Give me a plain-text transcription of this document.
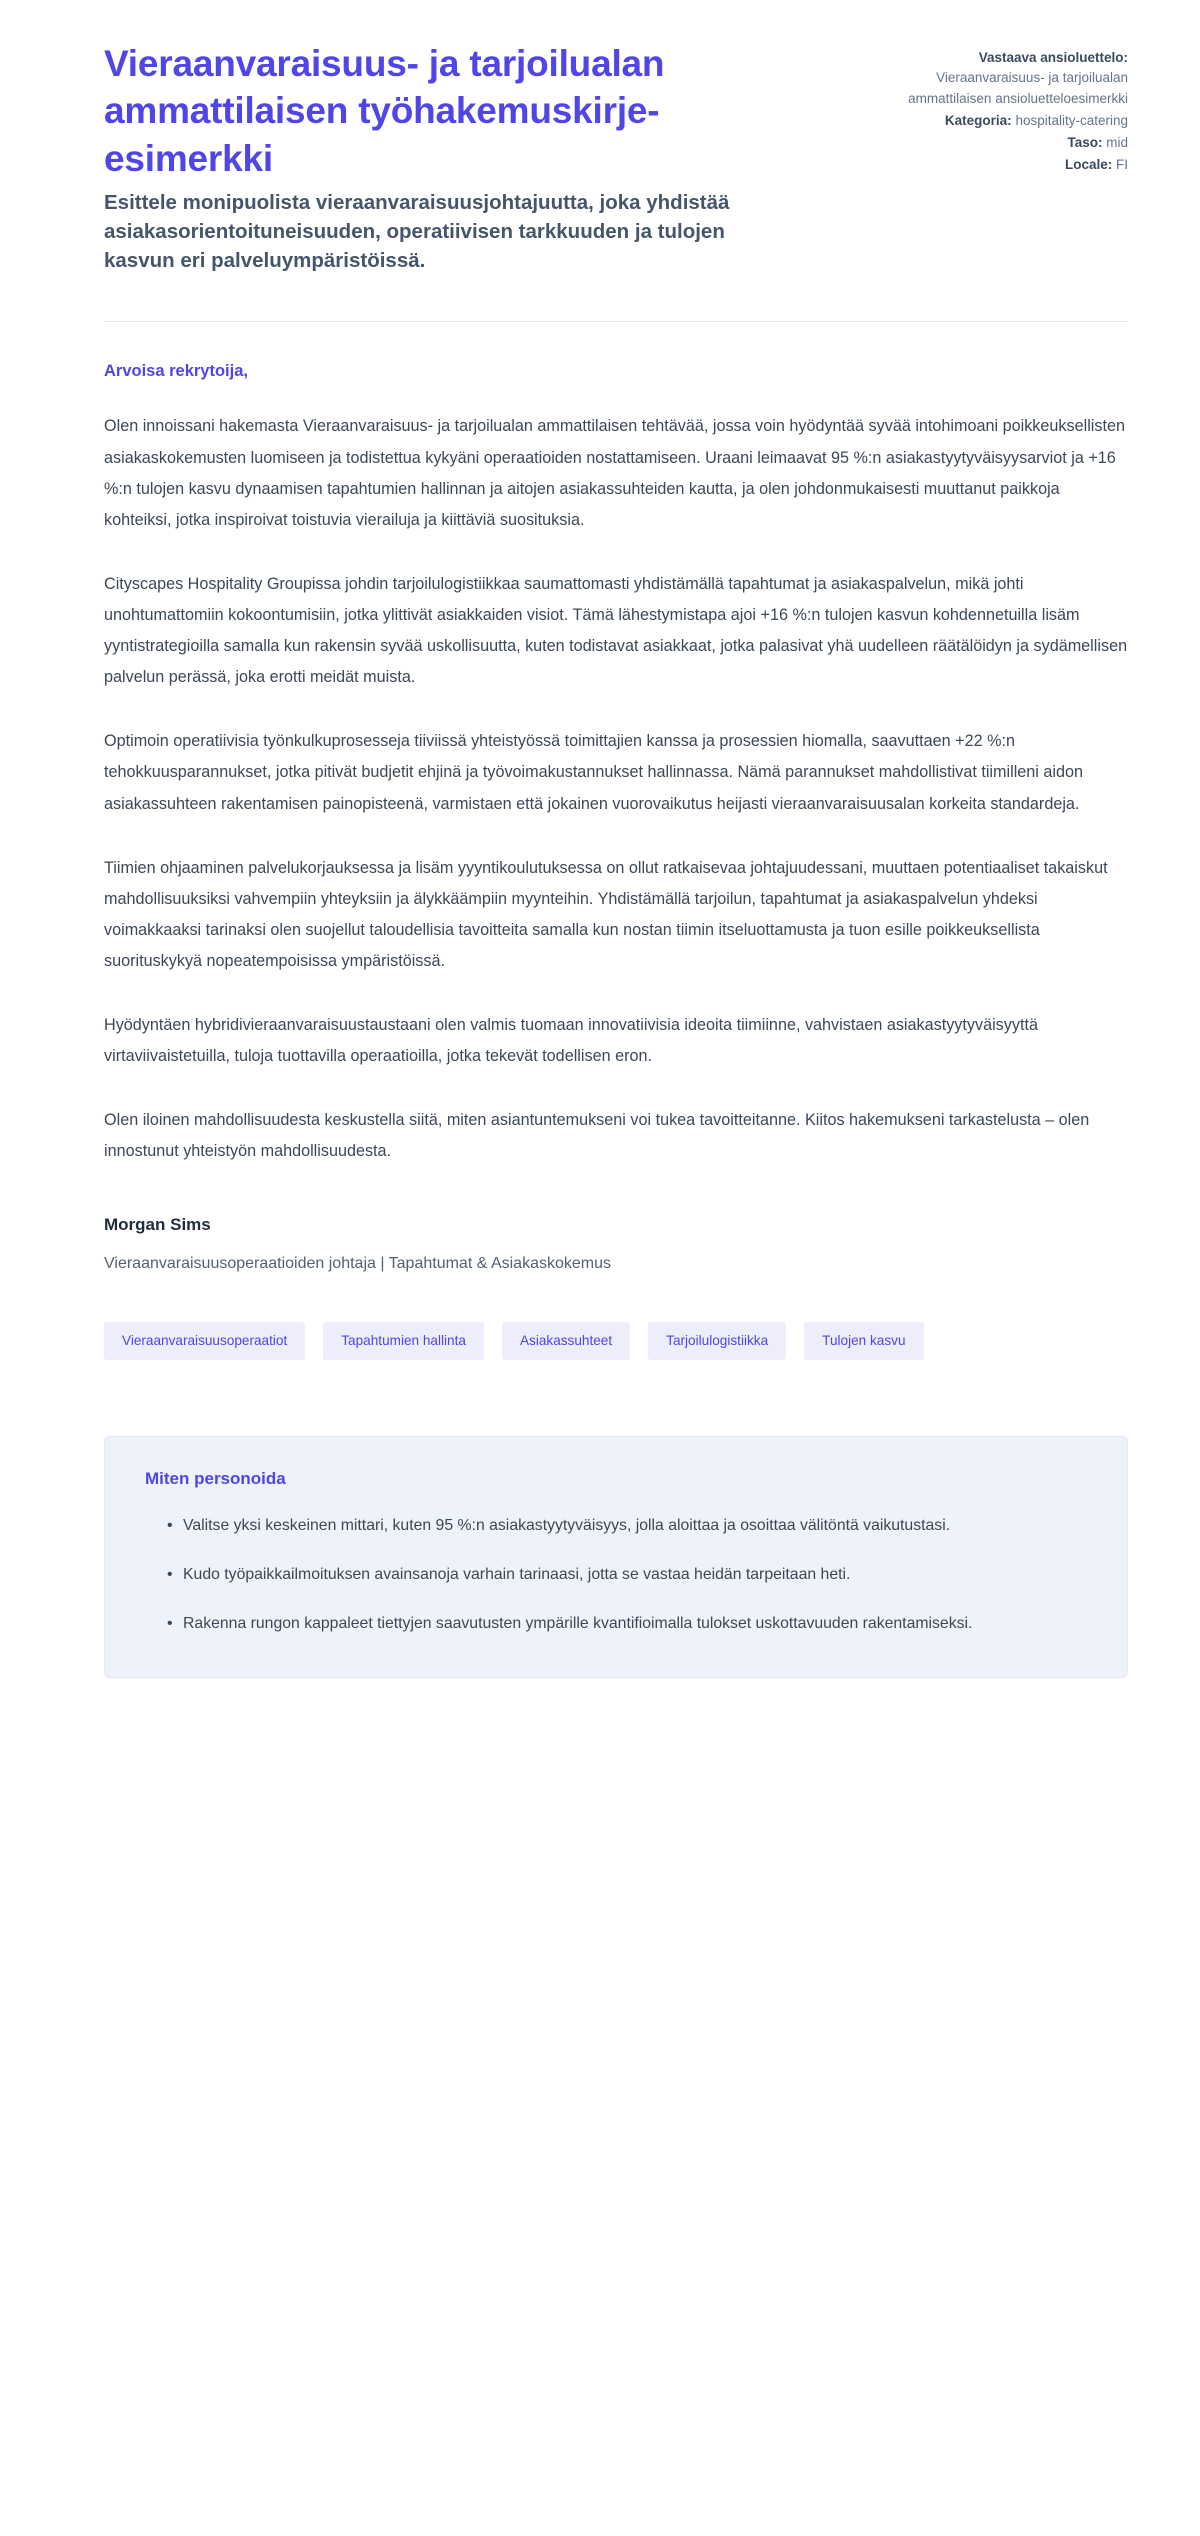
Vieraanvaraisuus- ja tarjoilualan ammattilaisen työhakemuskirje-esimerkki

Esittele monipuolista vieraanvaraisuusjohtajuutta, joka yhdistää asiakasorientoituneisuuden, operatiivisen tarkkuuden ja tulojen kasvun eri palveluympäristöissä.

Vastaava ansioluettelo: Vieraanvaraisuus- ja tarjoilualan ammattilaisen ansioluetteloesimerkki
Kategoria: hospitality-catering
Taso: mid
Locale: FI

Arvoisa rekrytoija,

Olen innoissani hakemasta Vieraanvaraisuus- ja tarjoilualan ammattilaisen tehtävää, jossa voin hyödyntää syvää intohimoani poikkeuksellisten asiakaskokemusten luomiseen ja todistettua kykyäni operaatioiden nostattamiseen. Uraani leimaavat 95 %:n asiakastyytyväisyysarviot ja +16 %:n tulojen kasvu dynaamisen tapahtumien hallinnan ja aitojen asiakassuhteiden kautta, ja olen johdonmukaisesti muuttanut paikkoja kohteiksi, jotka inspiroivat toistuvia vierailuja ja kiittäviä suosituksia.

Cityscapes Hospitality Groupissa johdin tarjoilulogistiikkaa saumattomasti yhdistämällä tapahtumat ja asiakaspalvelun, mikä johti unohtumattomiin kokoontumisiin, jotka ylittivät asiakkaiden visiot. Tämä lähestymistapa ajoi +16 %:n tulojen kasvun kohdennetuilla lisäm yyntistrategioilla samalla kun rakensin syvää uskollisuutta, kuten todistavat asiakkaat, jotka palasivat yhä uudelleen räätälöidyn ja sydämellisen palvelun perässä, joka erotti meidät muista.

Optimoin operatiivisia työnkulkuprosesseja tiiviissä yhteistyössä toimittajien kanssa ja prosessien hiomalla, saavuttaen +22 %:n tehokkuusparannukset, jotka pitivät budjetit ehjinä ja työvoimakustannukset hallinnassa. Nämä parannukset mahdollistivat tiimilleni aidon asiakassuhteen rakentamisen painopisteenä, varmistaen että jokainen vuorovaikutus heijasti vieraanvaraisuusalan korkeita standardeja.

Tiimien ohjaaminen palvelukorjauksessa ja lisäm yyyntikoulutuksessa on ollut ratkaisevaa johtajuudessani, muuttaen potentiaaliset takaiskut mahdollisuuksiksi vahvempiin yhteyksiin ja älykkäämpiin myynteihin. Yhdistämällä tarjoilun, tapahtumat ja asiakaspalvelun yhdeksi voimakkaaksi tarinaksi olen suojellut taloudellisia tavoitteita samalla kun nostan tiimin itseluottamusta ja tuon esille poikkeuksellista suorituskykyä nopeatempoisissa ympäristöissä.

Hyödyntäen hybridivieraanvaraisuustaustaani olen valmis tuomaan innovatiivisia ideoita tiimiinne, vahvistaen asiakastyytyväisyyttä virtaviivaistetuilla, tuloja tuottavilla operaatioilla, jotka tekevät todellisen eron.

Olen iloinen mahdollisuudesta keskustella siitä, miten asiantuntemukseni voi tukea tavoitteitanne. Kiitos hakemukseni tarkastelusta – olen innostunut yhteistyön mahdollisuudesta.

Morgan Sims

Vieraanvaraisuusoperaatioiden johtaja | Tapahtumat & Asiakaskokemus

Vieraanvaraisuusoperaatiot	Tapahtumien hallinta	Asiakassuhteet	Tarjoilulogistiikka	Tulojen kasvu
Miten personoida
• Valitse yksi keskeinen mittari, kuten 95 %:n asiakastyytyväisyys, jolla aloittaa ja osoittaa välitöntä vaikutustasi.
• Kudo työpaikkailmoituksen avainsanoja varhain tarinaasi, jotta se vastaa heidän tarpeitaan heti.
• Rakenna rungon kappaleet tiettyjen saavutusten ympärille kvantifioimalla tulokset uskottavuuden rakentamiseksi.
